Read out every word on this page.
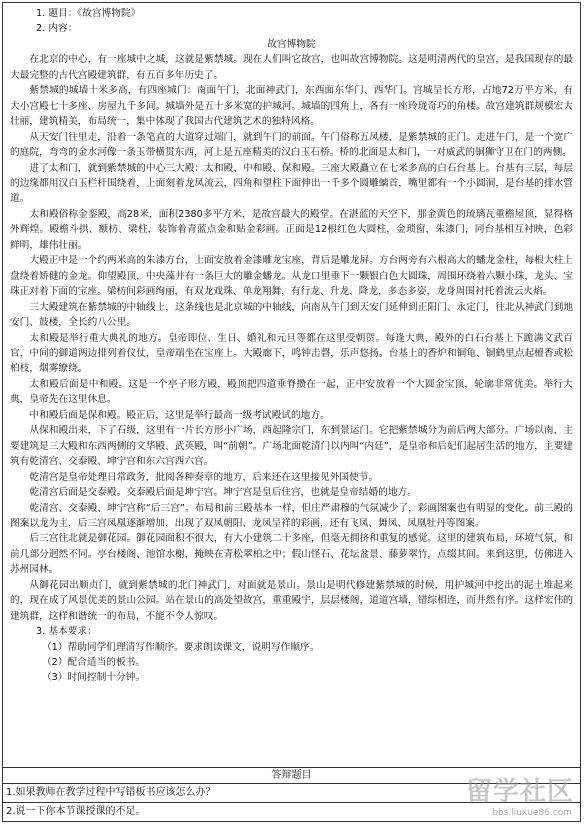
1. 题目：《故宫博物院》
2. 内容：
故宫博物院

在北京的中心，有一座城中之城，这就是紫禁城。现在人们叫它故宫，也叫故宫博物院。这是明清两代的皇宫，是我国现存的最大最完整的古代宫殿建筑群，有五百多年历史了。

紫禁城的城墙十米多高，有四座城门：南面午门，北面神武门，东西面东华门、西华门。宫城呈长方形，占地72万平方米，有大小宫殿七十多座、房屋九千多间。城墙外是五十多米宽的护城河。城墙的四角上，各有一座玲珑奇巧的角楼。故宫建筑群规模宏大壮丽，建筑精美，布局统一，集中体现了我国古代建筑艺术的独特风格。

从天安门往里走，沿着一条笔直的大道穿过端门，就到午门的前面。午门俗称五凤楼，是紫禁城的正门。走进午门，是一个宽广的庭院，弯弯的金水河像一条玉带横贯东西，河上是五座精美的汉白玉石桥。桥的北面是太和门，一对威武的铜狮守卫在门的两侧。

进了太和门，就到紫禁城的中心三大殿：太和殿、中和殿、保和殿。三座大殿矗立在七米多高的白石台基上。台基有三层，每层的边缘都用汉白玉栏杆围绕着，上面刻着龙凤流云，四角和望柱下面伸出一千多个圆雕螭首，嘴里都有一个小圆洞，是台基的排水管道。

太和殿俗称金銮殿，高28米，面积2380多平方米，是故宫最大的殿堂。在湛蓝的天空下，那金黄色的琉璃瓦重檐屋顶，显得格外辉煌。殿檐斗拱、额枋、梁柱，装饰着青蓝点金和贴金彩画。正面是12根红色大圆柱，金琐窗，朱漆门，同台基相互衬映，色彩鲜明，雄伟壮丽。

大殿正中是一个约两米高的朱漆方台，上面安放着金漆雕龙宝座，背后是雕龙屏。方台两旁有六根高大的蟠龙金柱，每根大柱上盘绕着矫健的金龙。仰望殿顶，中央藻井有一条巨大的雕金蟠龙。从龙口里垂下一颗银白色大圆珠，周围环绕着六颗小珠，龙头、宝珠正对着下面的宝座。梁枋间彩画绚丽，有双龙戏珠、单龙翔舞，有行龙、升龙、降龙，多态多姿，龙身周围衬托着流云火焰。

三大殿建筑在紫禁城的中轴线上，这条线也是北京城的中轴线，向南从午门到天安门延伸到正阳门、永定门，往北从神武门到地安门、鼓楼，全长约八公里。

太和殿是举行重大典礼的地方。皇帝即位、生日、婚礼和元旦等都在这里受朝贺。每逢大典，殿外的白石台基上下跪满文武百官，中间的御道两边排列着仪仗，皇帝端坐在宝座上。大殿廊下，鸣钟击磬，乐声悠扬。台基上的香炉和铜龟、铜鹤里点起檀香或松柏枝，烟雾缭绕。

太和殿后面是中和殿。这是一个亭子形方殿，殿顶把四道垂脊攒在一起，正中安放着一个大圆金宝顶，轮廓非常优美。举行大典，皇帝先在这里休息。

中和殿后面是保和殿。殿正后，这里是举行最高一级考试殿试的地方。

从保和殿出来，下了石级，这里有一片长方形小广场，西起隆宗门，东到景运门。它把紫禁城分为前后两大部分。广场以南，主要建筑是三大殿和东西两侧的文华殿、武英殿，叫“前朝”。广场北面乾清门以内叫“内廷”，是皇帝和后妃们起居生活的地方，主要建筑有乾清宫、交泰殿、坤宁宫和东六宫西六宫。

乾清宫是皇帝处理日常政务，批阅各种奏章的地方，后来还在这里接见外国使节。

乾清宫后面是交泰殿。交泰殿后面是坤宁宫。坤宁宫是皇后住宫，也就是皇帝结婚的地方。

乾清宫、交泰殿、坤宁宫称“后三宫”。布局和前三殿基本一样，但庄严肃穆的气氛减少了，彩画图案也有明显的变化。前三殿的图案以龙为主，后三宫凤凰逐渐增加，出现了双凤朝阳、龙凤呈祥的彩画，还有飞凤、舞凤、凤凰牡丹等图案。

后三宫往北就是御花园。御花园面积不很大，有大小建筑二十多座，但毫无拥挤和重复的感觉。这里的建筑布局，环境气氛，和前几部分迥然不同。亭台楼阁、池馆水榭，掩映在青松翠柏之中；假山怪石、花坛盆景、藤萝翠竹，点缀其间。来到这里，仿佛进入苏州园林。

从御花园出顺贞门，就到紫禁城的北门神武门，对面就是景山。景山是明代修建紫禁城的时候，用护城河中挖出的泥土堆起来的，现在成了风景优美的景山公园。站在景山的高处望故宫，重重殿宇，层层楼阁，道道宫墙，错综相连，而井然有序。这样宏伟的建筑群，这样和谐统一的布局，不能不令人惊叹。

3. 基本要求：
（1）帮助同学们理清写作顺序。要求朗读课文，说明写作顺序。
（2）配合适当的板书。
（3）时间控制十分钟。
答辩题目
1.如果教师在教学过程中写错板书应该怎么办？
2.说一下你本节课授课的不足。
留学社区
bbs.liuxue86.com
